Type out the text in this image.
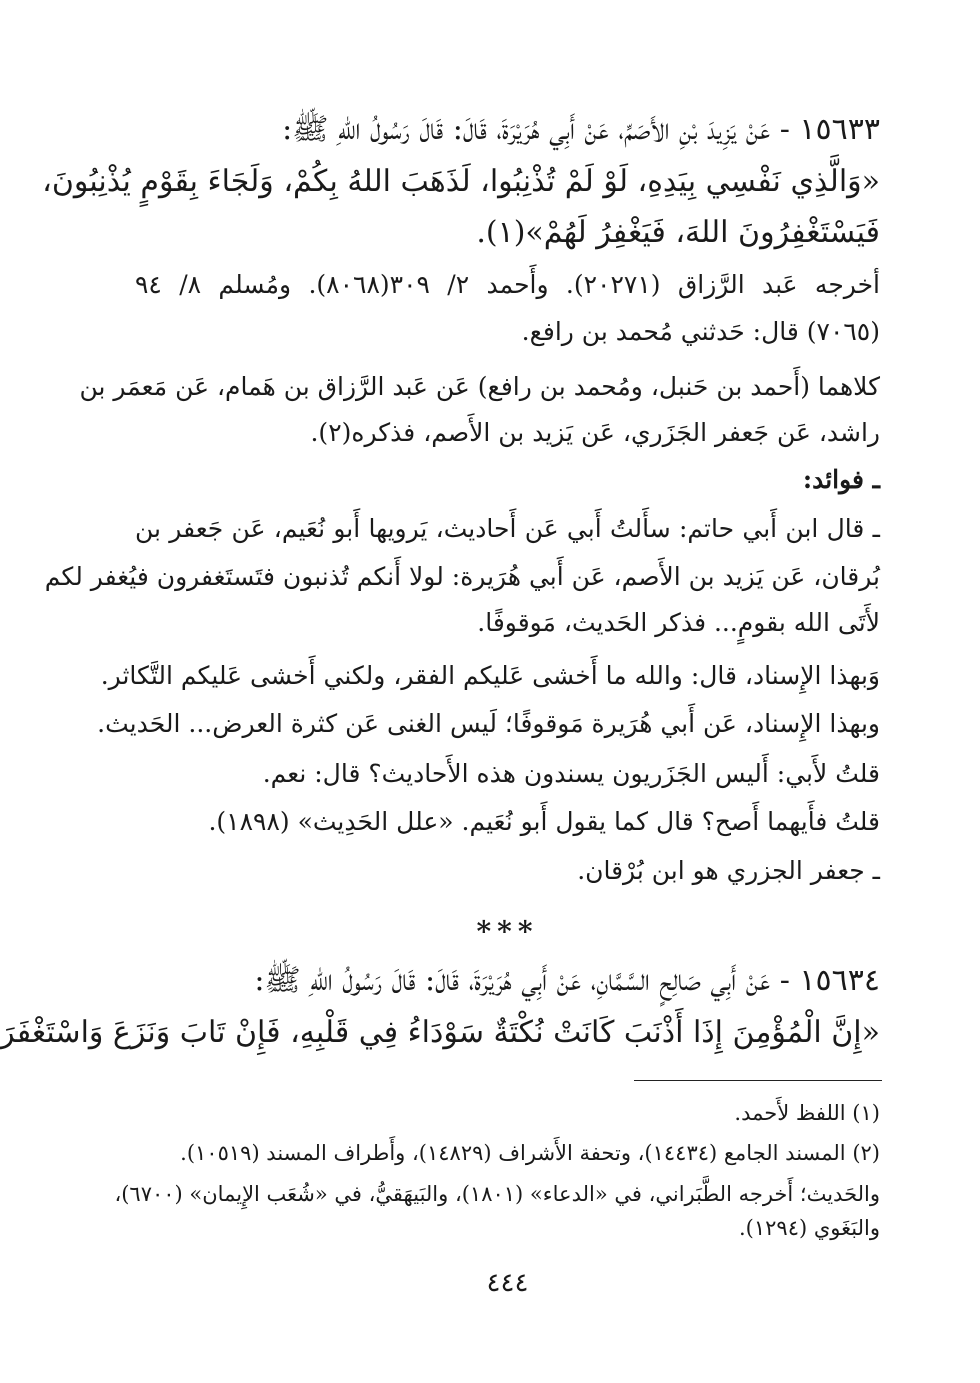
١٥٦٣٣ - عَنْ يَزِيدَ بْنِ الأَصَمِّ، عَنْ أَبِي هُرَيْرَةَ، قَالَ: قَالَ رَسُولُ اللهِ ﷺ:
«وَالَّذِي نَفْسِي بِيَدِهِ، لَوْ لَمْ تُذْنِبُوا، لَذَهَبَ اللهُ بِكُمْ، وَلَجَاءَ بِقَوْمٍ يُذْنِبُونَ،
فَيَسْتَغْفِرُونَ اللهَ، فَيَغْفِرُ لَهُمْ»(١).
أخرجه عَبد الرَّزاق (٢٠٢٧١). وأَحمد ٢/ ٣٠٩(٨٠٦٨). ومُسلم ٨/ ٩٤
(٧٠٦٥) قال: حَدثني مُحمد بن رافع.
كلاهما (أَحمد بن حَنبل، ومُحمد بن رافع) عَن عَبد الرَّزاق بن هَمام، عَن مَعمَر بن
راشد، عَن جَعفر الجَزَري، عَن يَزيد بن الأَصم، فذكره(٢).
ـ فوائد:
ـ قال ابن أَبي حاتم: سأَلتُ أَبي عَن أَحاديث، يَرويها أَبو نُعَيم، عَن جَعفر بن
بُرقان، عَن يَزيد بن الأَصم، عَن أَبي هُرَيرة: لولا أَنكم تُذنبون فتَستَغفرون فيُغفر لكم
لأَتَى الله بقومٍ... فذكر الحَديث، مَوقوفًا.
وَبهذا الإِسناد، قال: والله ما أَخشى عَليكم الفقر، ولكني أَخشى عَليكم التَّكاثر.
وبهذا الإِسناد، عَن أَبي هُرَيرة مَوقوفًا؛ لَيس الغنى عَن كثرة العرض... الحَديث.
قلتُ لأَبي: أَليس الجَزَريون يسندون هذه الأَحاديث؟ قال: نعم.
قلتُ فأَيهما أَصح؟ قال كما يقول أَبو نُعَيم. «علل الحَدِيث» (١٨٩٨).
ـ جعفر الجزري هو ابن بُرْقان.
***
١٥٦٣٤ - عَنْ أَبِي صَالِحٍ السَّمَّانِ، عَنْ أَبِي هُرَيْرَةَ، قَالَ: قَالَ رَسُولُ اللهِ ﷺ:
«إِنَّ الْمُؤْمِنَ إِذَا أَذْنَبَ كَانَتْ نُكْتَةٌ سَوْدَاءُ فِي قَلْبِهِ، فَإِنْ تَابَ وَنَزَعَ وَاسْتَغْفَرَ
(١) اللفظ لأَحمد.
(٢) المسند الجامع (١٤٤٣٤)، وتحفة الأَشراف (١٤٨٢٩)، وأَطراف المسند (١٠٥١٩).
والحَديث؛ أَخرجه الطَّبَراني، في «الدعاء» (١٨٠١)، والبَيهَقيُّ، في «شُعَب الإِيمان» (٦٧٠٠)،
والبَغَوي (١٢٩٤).
٤٤٤
